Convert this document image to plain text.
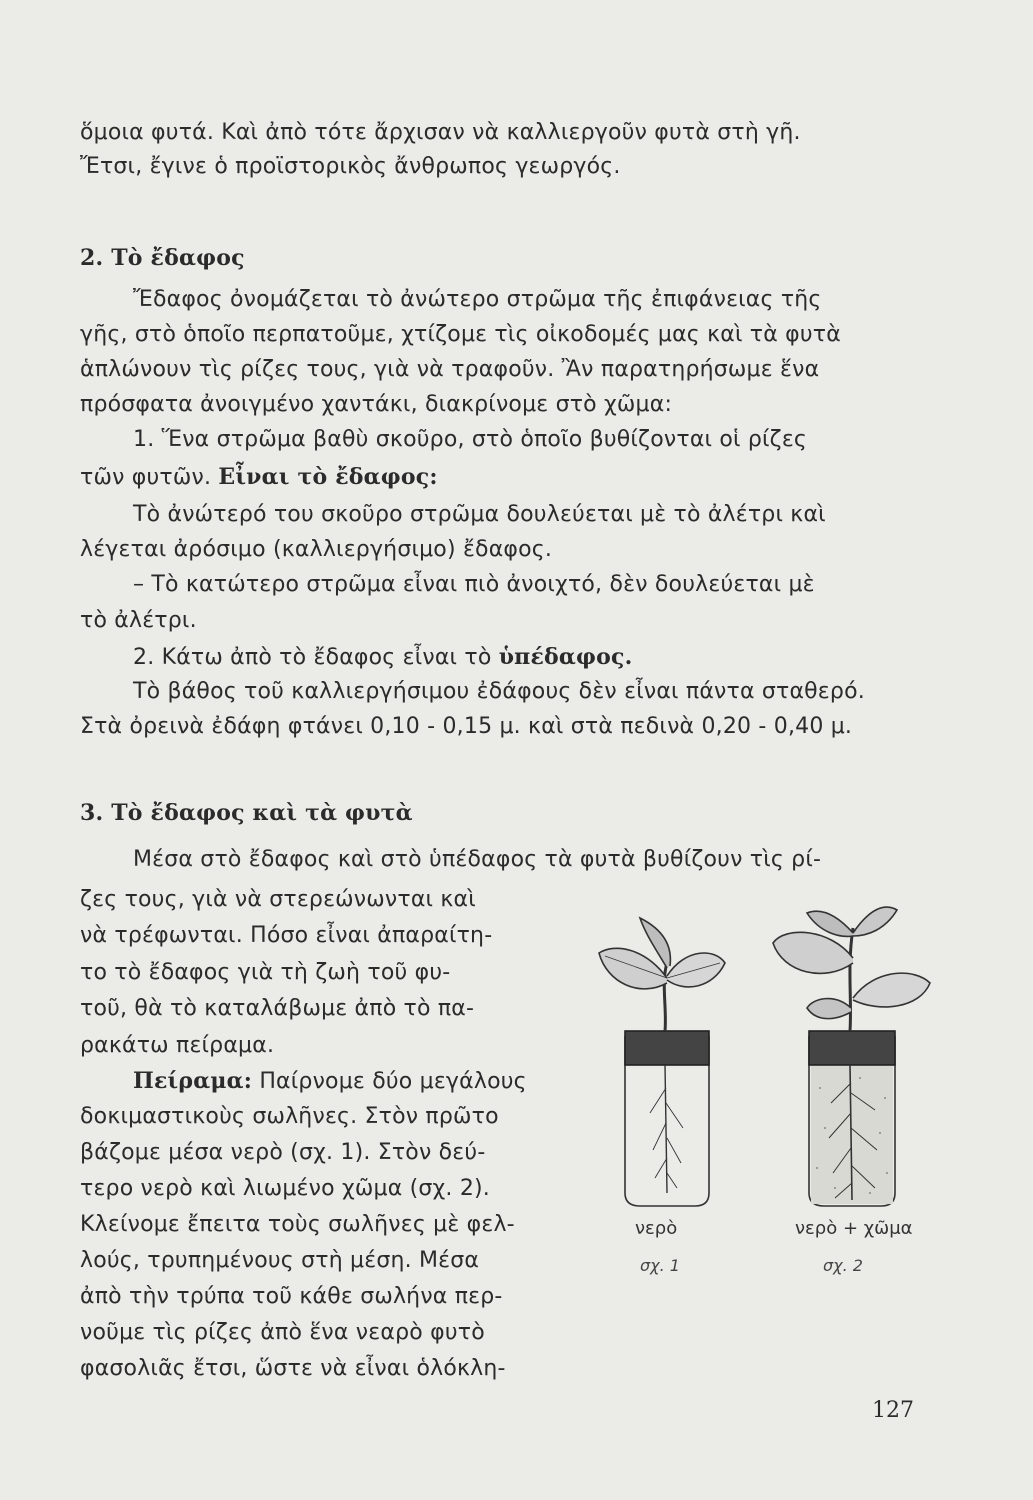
ὅμοια φυτά. Καὶ ἀπὸ τότε ἄρχισαν νὰ καλλιεργοῦν φυτὰ στὴ γῆ.
Ἔτσι, ἔγινε ὁ προϊστορικὸς ἄνθρωπος γεωργός.
2. Τὸ ἔδαφος
Ἔδαφος ὀνομάζεται τὸ ἀνώτερο στρῶμα τῆς ἐπιφάνειας τῆς
γῆς, στὸ ὁποῖο περπατοῦμε, χτίζομε τὶς οἰκοδομές μας καὶ τὰ φυτὰ
ἁπλώνουν τὶς ρίζες τους, γιὰ νὰ τραφοῦν. Ἂν παρατηρήσωμε ἕνα
πρόσφατα ἀνοιγμένο χαντάκι, διακρίνομε στὸ χῶμα:
1. Ἕνα στρῶμα βαθὺ σκοῦρο, στὸ ὁποῖο βυθίζονται οἱ ρίζες
τῶν φυτῶν. Εἶναι τὸ ἔδαφος:
Τὸ ἀνώτερό του σκοῦρο στρῶμα δουλεύεται μὲ τὸ ἀλέτρι καὶ
λέγεται ἀρόσιμο (καλλιεργήσιμο) ἔδαφος.
– Τὸ κατώτερο στρῶμα εἶναι πιὸ ἀνοιχτό, δὲν δουλεύεται μὲ
τὸ ἀλέτρι.
2. Κάτω ἀπὸ τὸ ἔδαφος εἶναι τὸ ὑπέδαφος.
Τὸ βάθος τοῦ καλλιεργήσιμου ἐδάφους δὲν εἶναι πάντα σταθερό.
Στὰ ὀρεινὰ ἐδάφη φτάνει 0,10 - 0,15 μ. καὶ στὰ πεδινὰ 0,20 - 0,40 μ.
3. Τὸ ἔδαφος καὶ τὰ φυτὰ
Μέσα στὸ ἔδαφος καὶ στὸ ὑπέδαφος τὰ φυτὰ βυθίζουν τὶς ρί-
ζες τους, γιὰ νὰ στερεώνωνται καὶ
νὰ τρέφωνται. Πόσο εἶναι ἀπαραίτη-
το τὸ ἔδαφος γιὰ τὴ ζωὴ τοῦ φυ-
τοῦ, θὰ τὸ καταλάβωμε ἀπὸ τὸ πα-
ρακάτω πείραμα.
Πείραμα: Παίρνομε δύο μεγάλους
δοκιμαστικοὺς σωλῆνες. Στὸν πρῶτο
βάζομε μέσα νερὸ (σχ. 1). Στὸν δεύ-
τερο νερὸ καὶ λιωμένο χῶμα (σχ. 2).
Κλείνομε ἔπειτα τοὺς σωλῆνες μὲ φελ-
λούς, τρυπημένους στὴ μέση. Μέσα
ἀπὸ τὴν τρύπα τοῦ κάθε σωλήνα περ-
νοῦμε τὶς ρίζες ἀπὸ ἕνα νεαρὸ φυτὸ
φασολιᾶς ἔτσι, ὥστε νὰ εἶναι ὁλόκλη-
νερὸ	νερὸ + χῶμα
σχ. 1	σχ. 2
127
